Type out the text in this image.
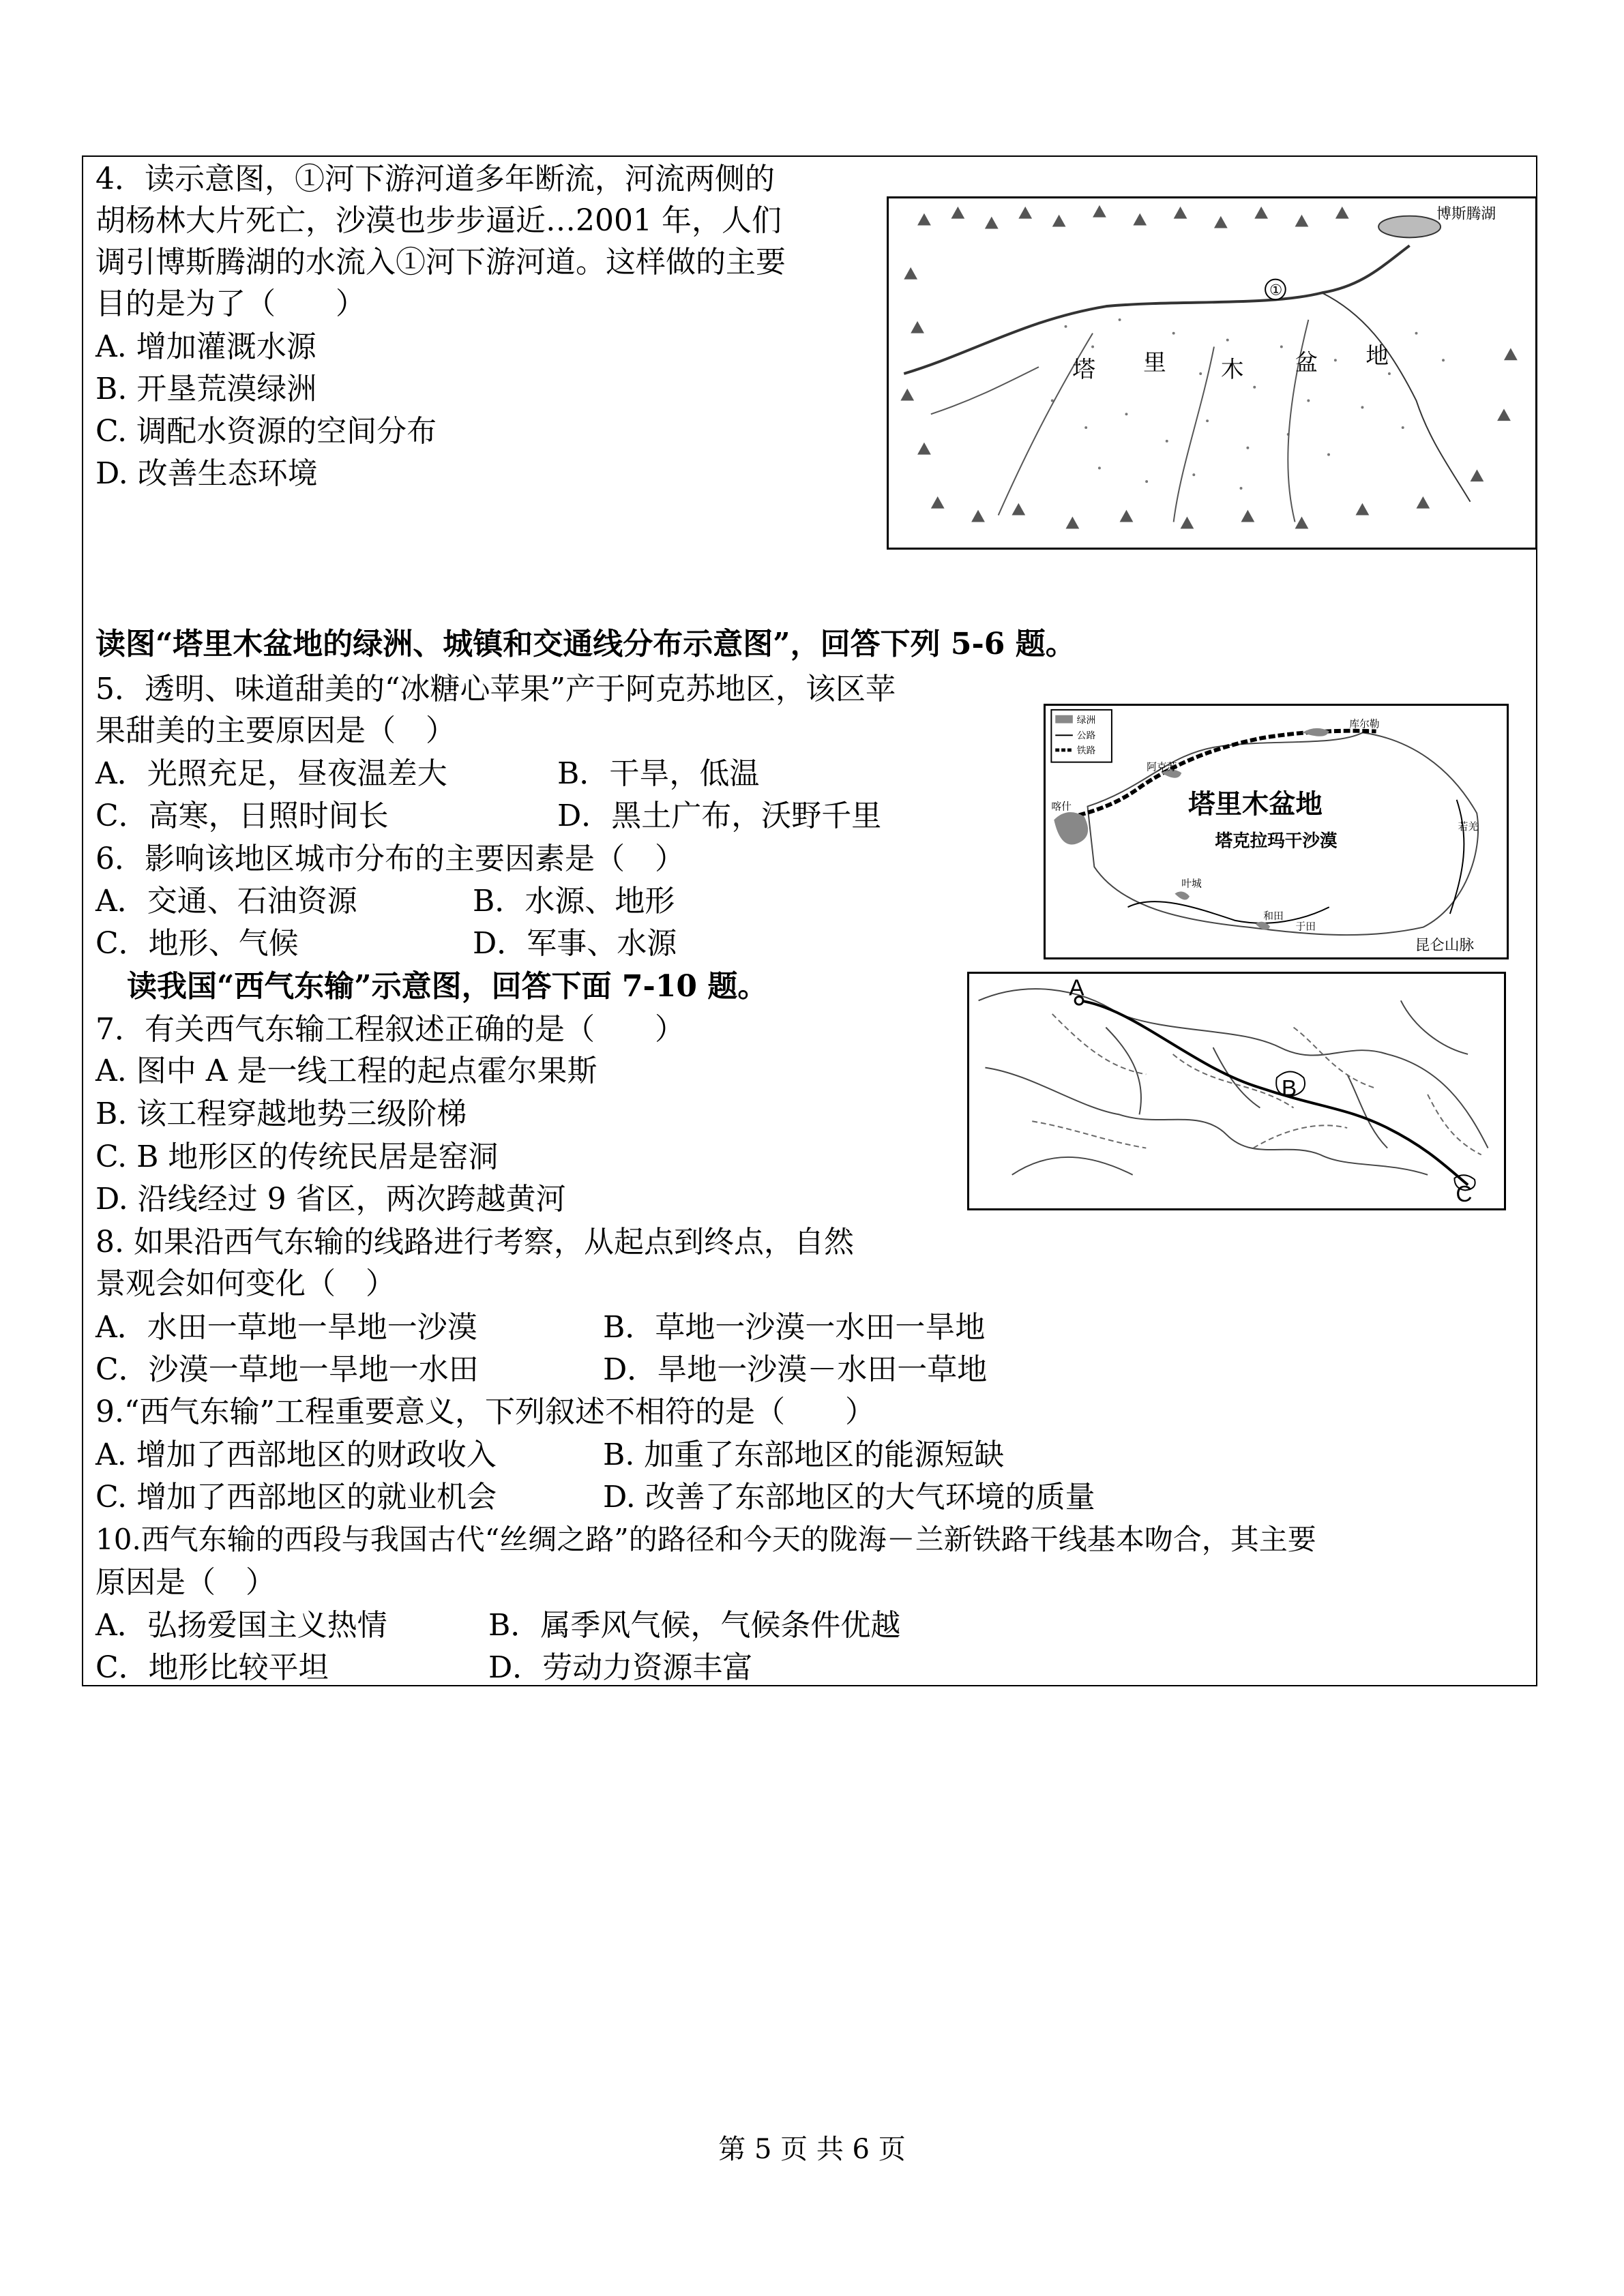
4．读示意图，①河下游河道多年断流，河流两侧的
胡杨林大片死亡，沙漠也步步逼近…2001 年，人们
调引博斯腾湖的水流入①河下游河道。这样做的主要
目的是为了（　　）
A. 增加灌溉水源
B. 开垦荒漠绿洲
C. 调配水资源的空间分布
D. 改善生态环境
博斯腾湖
①
塔 里 木 盆 地
读图“塔里木盆地的绿洲、城镇和交通线分布示意图”，回答下列 5-6 题。
5．透明、味道甜美的“冰糖心苹果”产于阿克苏地区，该区苹
果甜美的主要原因是（　）
A．光照充足，昼夜温差大	B．干旱，低温
C．高寒，日照时间长	D．黑土广布，沃野千里
6．影响该地区城市分布的主要因素是（　）
A．交通、石油资源	B．水源、地形
C．地形、气候	D．军事、水源
绿洲
公路
铁路
阿克苏
库尔勒
喀什
叶城
和田
于田
若羌
塔里木盆地
塔克拉玛干沙漠
昆仑山脉
读我国“西气东输”示意图，回答下面 7-10 题。
7．有关西气东输工程叙述正确的是（　　）
A. 图中 A 是一线工程的起点霍尔果斯
B. 该工程穿越地势三级阶梯
C. B 地形区的传统民居是窑洞
D. 沿线经过 9 省区，两次跨越黄河
A
B
C
8. 如果沿西气东输的线路进行考察，从起点到终点，自然
景观会如何变化（　）
A．水田一草地一旱地一沙漠	B．草地一沙漠一水田一旱地
C．沙漠一草地一旱地一水田	D．旱地一沙漠－水田一草地
9.“西气东输”工程重要意义，下列叙述不相符的是（　　）
A. 增加了西部地区的财政收入	B. 加重了东部地区的能源短缺
C. 增加了西部地区的就业机会	D. 改善了东部地区的大气环境的质量
10.西气东输的西段与我国古代“丝绸之路”的路径和今天的陇海－兰新铁路干线基本吻合，其主要
原因是（　）
A．弘扬爱国主义热情	B．属季风气候，气候条件优越
C．地形比较平坦	D．劳动力资源丰富
第 5 页 共 6 页
